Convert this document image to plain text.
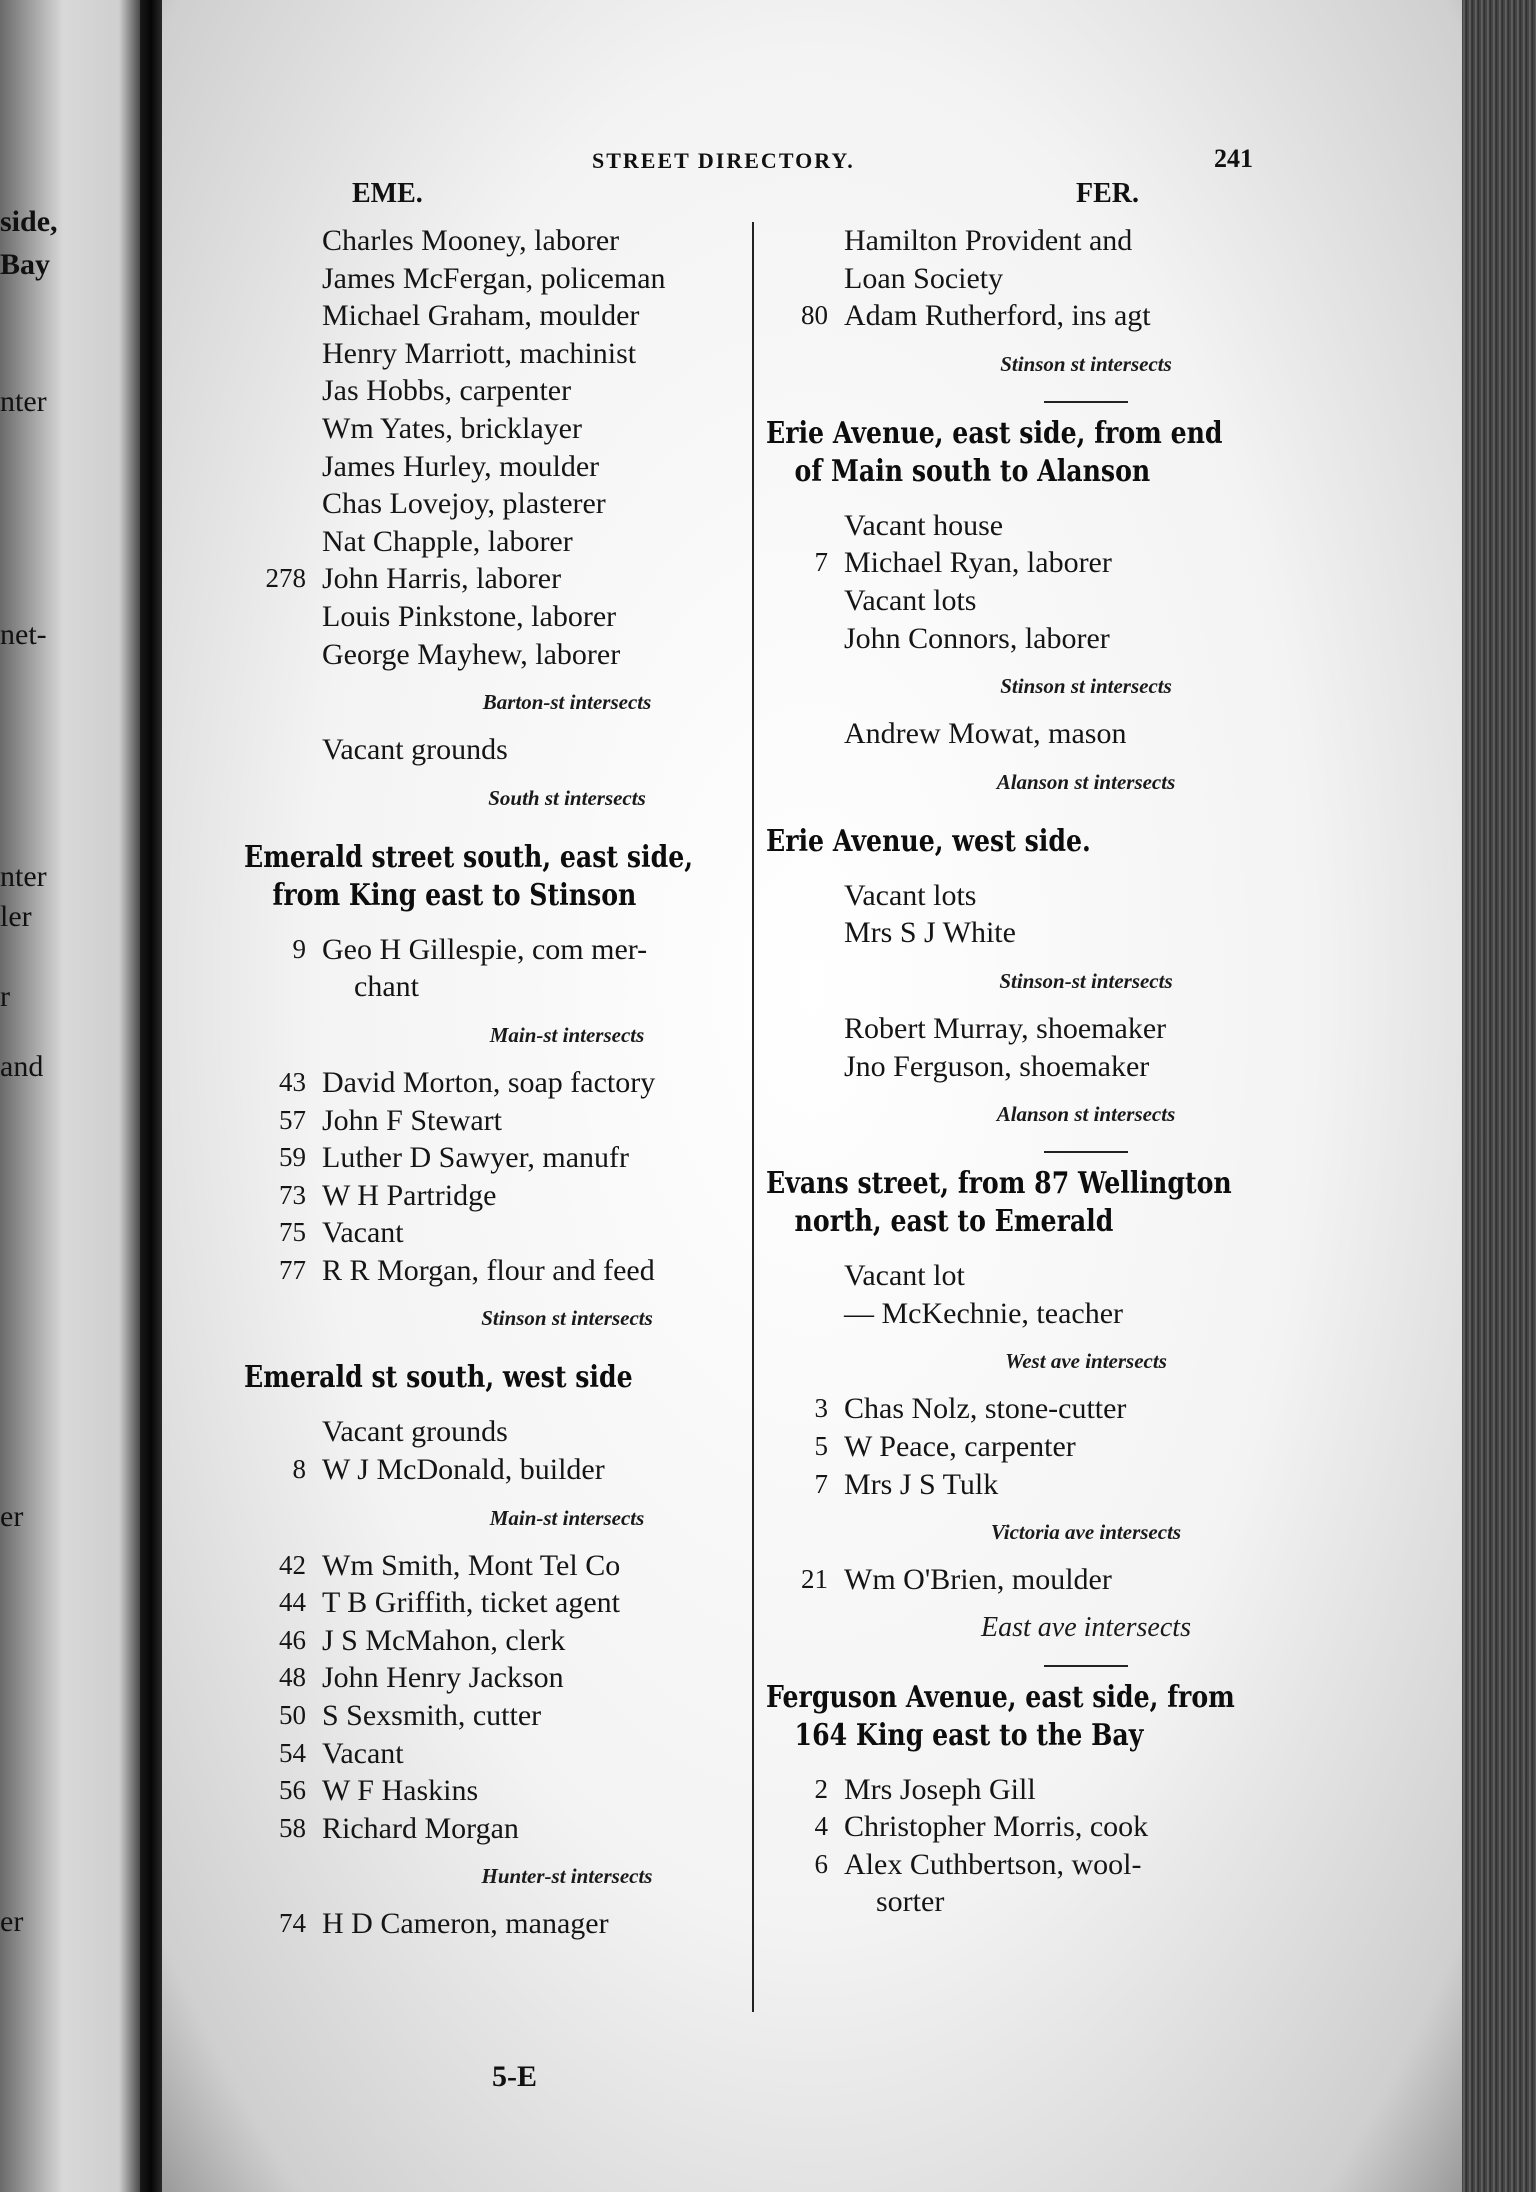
side,
Bay
nter
net-
nter
ler
r
and
er
er
STREET DIRECTORY.	241
EME.	FER.
Charles Mooney, laborer
James McFergan, policeman
Michael Graham, moulder
Henry Marriott, machinist
Jas Hobbs, carpenter
Wm Yates, bricklayer
James Hurley, moulder
Chas Lovejoy, plasterer
Nat Chapple, laborer
278 John Harris, laborer
Louis Pinkstone, laborer
George Mayhew, laborer
Barton-st intersects
Vacant grounds
South st intersects
Emerald street south, east side,
from King east to Stinson
9 Geo H Gillespie, com mer-
chant
Main-st intersects
43 David Morton, soap factory
57 John F Stewart
59 Luther D Sawyer, manufr
73 W H Partridge
75 Vacant
77 R R Morgan, flour and feed
Stinson st intersects
Emerald st south, west side
Vacant grounds
8 W J McDonald, builder
Main-st intersects
42 Wm Smith, Mont Tel Co
44 T B Griffith, ticket agent
46 J S McMahon, clerk
48 John Henry Jackson
50 S Sexsmith, cutter
54 Vacant
56 W F Haskins
58 Richard Morgan
Hunter-st intersects
74 H D Cameron, manager
Hamilton Provident and
Loan Society
80 Adam Rutherford, ins agt
Stinson st intersects
Erie Avenue, east side, from end
of Main south to Alanson
Vacant house
7 Michael Ryan, laborer
Vacant lots
John Connors, laborer
Stinson st intersects
Andrew Mowat, mason
Alanson st intersects
Erie Avenue, west side.
Vacant lots
Mrs S J White
Stinson-st intersects
Robert Murray, shoemaker
Jno Ferguson, shoemaker
Alanson st intersects
Evans street, from 87 Wellington
north, east to Emerald
Vacant lot
— McKechnie, teacher
West ave intersects
3 Chas Nolz, stone-cutter
5 W Peace, carpenter
7 Mrs J S Tulk
Victoria ave intersects
21 Wm O'Brien, moulder
East ave intersects
Ferguson Avenue, east side, from
164 King east to the Bay
2 Mrs Joseph Gill
4 Christopher Morris, cook
6 Alex Cuthbertson, wool-
sorter
5-E
